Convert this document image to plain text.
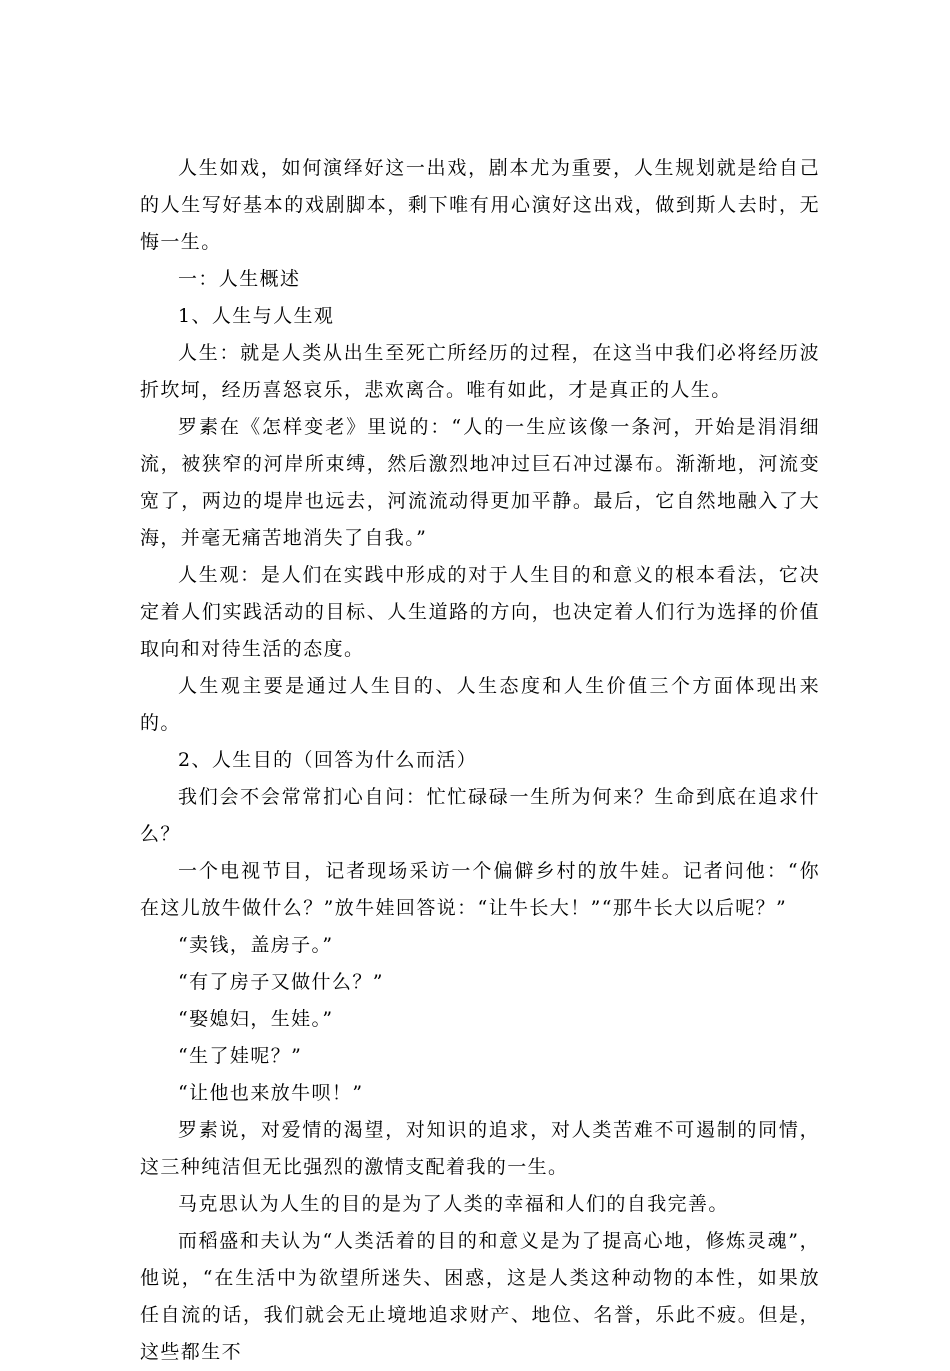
人生如戏，如何演绎好这一出戏，剧本尤为重要，人生规划就是给自己的人生写好基本的戏剧脚本，剩下唯有用心演好这出戏，做到斯人去时，无悔一生。

一：人生概述

1、人生与人生观

人生：就是人类从出生至死亡所经历的过程，在这当中我们必将经历波折坎坷，经历喜怒哀乐，悲欢离合。唯有如此，才是真正的人生。

罗素在《怎样变老》里说的：“人的一生应该像一条河，开始是涓涓细流，被狭窄的河岸所束缚，然后激烈地冲过巨石冲过瀑布。渐渐地，河流变宽了，两边的堤岸也远去，河流流动得更加平静。最后，它自然地融入了大海，并毫无痛苦地消失了自我。”

人生观：是人们在实践中形成的对于人生目的和意义的根本看法，它决定着人们实践活动的目标、人生道路的方向，也决定着人们行为选择的价值取向和对待生活的态度。

人生观主要是通过人生目的、人生态度和人生价值三个方面体现出来的。

2、人生目的（回答为什么而活）

我们会不会常常扪心自问：忙忙碌碌一生所为何来？生命到底在追求什么？

一个电视节目，记者现场采访一个偏僻乡村的放牛娃。记者问他：“你在这儿放牛做什么？”放牛娃回答说：“让牛长大！”“那牛长大以后呢？”

“卖钱，盖房子。”

“有了房子又做什么？”

“娶媳妇，生娃。”

“生了娃呢？”

“让他也来放牛呗！”

罗素说，对爱情的渴望，对知识的追求，对人类苦难不可遏制的同情，这三种纯洁但无比强烈的激情支配着我的一生。

马克思认为人生的目的是为了人类的幸福和人们的自我完善。

而稻盛和夫认为“人类活着的目的和意义是为了提高心地，修炼灵魂”，他说，“在生活中为欲望所迷失、困惑，这是人类这种动物的本性，如果放任自流的话，我们就会无止境地追求财产、地位、名誉，乐此不疲。但是，这些都生不
